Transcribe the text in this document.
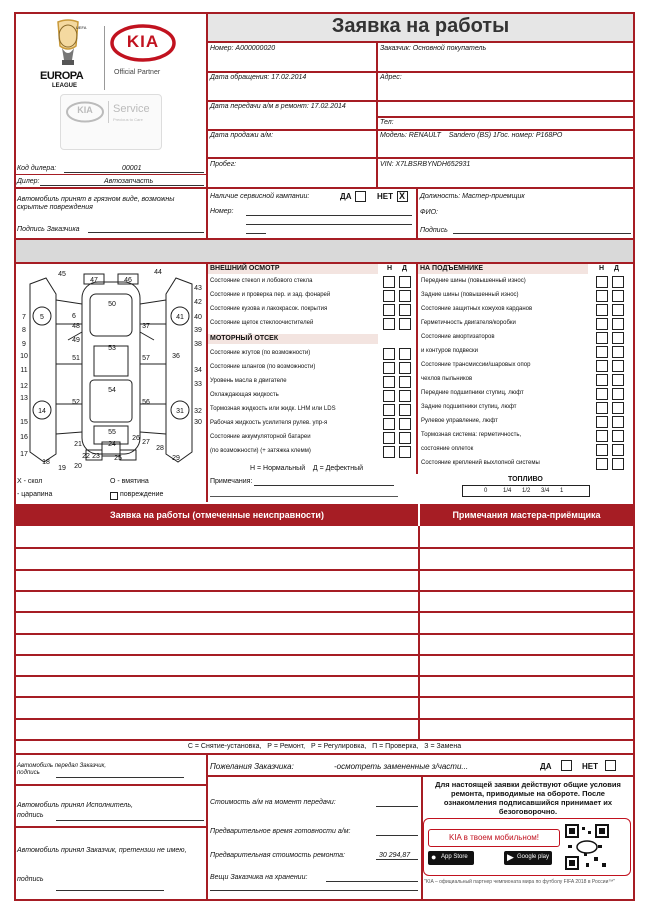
UEFA
EUROPA
LEAGUE
KIA
Official Partner
KIA	Service
Precious to Care
Заявка на работы
Номер: А000000020	Заказчик: Основной покупатель
Дата обращения: 17.02.2014	Адрес:
Дата передачи а/м в ремонт: 17.02.2014
Тел:
Дата продажи а/м:	Модель: RENAULT    Sandero (BS) 1Гос. номер: Р168РО
Пробег:	VIN: X7LBSRBYNDH652931
Код дилера:	00001
Дилер:	Автозапчасть
Автомобиль принят в грязном виде, возможны скрытые повреждения
Подпись Заказчика
Наличие сервисной кампании:	ДА	НЕТ X
Номер:
Должность: Мастер-приемщик
ФИО:
Подпись
45
47	46
44
43
42
41 40
39
38
36
37
34
33
31 32
30
28
29
27
26
25
24
23
22
21
20
19
18
17
16
15
14
13
12
11
10
9
8
7 5	6
50
48
49
53
54
55
57
51
52	56
X - скол	O - вмятина
- царапина	повреждение
ВНЕШНИЙ ОСМОТР	Н Д
Состояние стекол и лобового стекла
Состояние и проверка пер. и зад. фонарей
Состояние кузова и лакокрасок. покрытия
Состояние щеток стеклоочистителей
МОТОРНЫЙ ОТСЕК
Состояние жгутов (по возможности)
Состояние шлангов (по возможности)
Уровень масла в двигателе
Охлаждающая жидкость
Тормозная жидкость или жидк. LHM или LDS
Рабочая жидкость усилителя рулев. упр-я
Состояние аккумуляторной батареи
(по возможности) (+ затяжка клемм)
Н = Нормальный    Д = Дефектный
НА ПОДЪЕМНИКЕ	Н Д
Передние шины (повышенный износ)
Задние шины (повышенный износ)
Состояние защитных кожухов карданов
Герметичность двигателя/коробки
Состояние амортизаторов
и контуров подвески
Состояние трансмиссии/шаровых опор
чехлов пыльников
Передние подшипники ступиц, люфт
Задние подшипники ступиц, люфт
Рулевое управление, люфт
Тормозная система: герметичность,
состояние оплеток
Состояние креплений выхлопной системы
Примечания:	ТОПЛИВО
0	1/4 1/2 3/4 1
Заявка на работы (отмеченные неисправности)	Примечания мастера-приёмщика
С = Снятие-установка,   Р = Ремонт,   Р = Регулировка,   П = Проверка,   З = Замена
Автомобиль передал Заказчик,
подпись
Автомобиль принял Исполнитель,
подпись
Автомобиль принял Заказчик, претензии не имею,
подпись
Пожелания Заказчика:	-осмотреть замененные з/части...	ДА	НЕТ
Стоимость а/м на момент передачи:
Предварительное время готовности а/м:
Предварительная стоимость ремонта:	30 294,87
Вещи Заказчика на хранении:
Для настоящей заявки действуют общие условия ремонта, приводимые на обороте. После ознакомления подписавшийся принимает их безоговорочно.
KIA в твоем мобильном!
● App Store	▶ Google play
"KIA – официальный партнер чемпионата мира по футболу FIFA 2018 в России™"
